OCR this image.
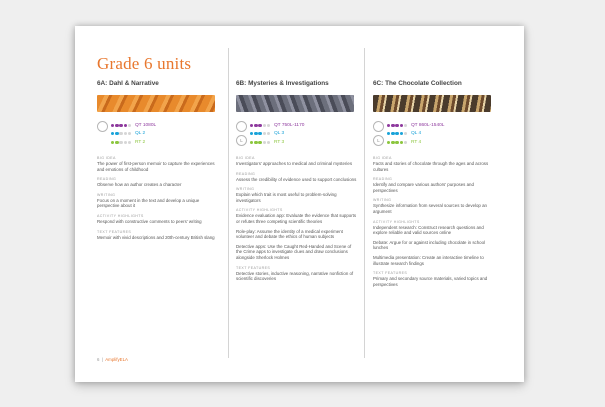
Grade 6 units
6A: Dahl & Narrative
QT 1080L
QL 2
RT 2
BIG IDEA
The power of first-person memoir to capture the experiences and emotions of childhood
READING
Observe how an author creates a character
WRITING
Focus on a moment in the text and develop a unique perspective about it
ACTIVITY HIGHLIGHTS
Respond with constructive comments to peers' writing
TEXT FEATURES
Memoir with vivid descriptions and 20th-century British slang
6B: Mysteries & Investigations
L
QT 750L-1170
QL 3
RT 3
BIG IDEA
Investigators' approaches to medical and criminal mysteries
READING
Assess the credibility of evidence used to support conclusions
WRITING
Explain which trait is most useful to problem-solving investigators
ACTIVITY HIGHLIGHTS
Evidence evaluation app: Evaluate the evidence that supports or refutes three competing scientific theories
Role-play: Assume the identity of a medical experiment volunteer and debate the ethics of human subjects
Detective apps: Use the Caught Red-Handed and Scene of the Crime apps to investigate clues and draw conclusions alongside Sherlock Holmes
TEXT FEATURES
Detective stories, inductive reasoning, narrative nonfiction of scientific discoveries
6C: The Chocolate Collection
L
QT 860L-1540L
QL 4
RT 4
BIG IDEA
Facts and stories of chocolate through the ages and across cultures
READING
Identify and compare various authors' purposes and perspectives
WRITING
Synthesize information from several sources to develop an argument
ACTIVITY HIGHLIGHTS
Independent research: Construct research questions and explore reliable and valid sources online
Debate: Argue for or against including chocolate in school lunches
Multimedia presentation: Create an interactive timeline to illustrate research findings
TEXT FEATURES
Primary and secondary source materials, varied topics and perspectives
6 | AmplifyELA
